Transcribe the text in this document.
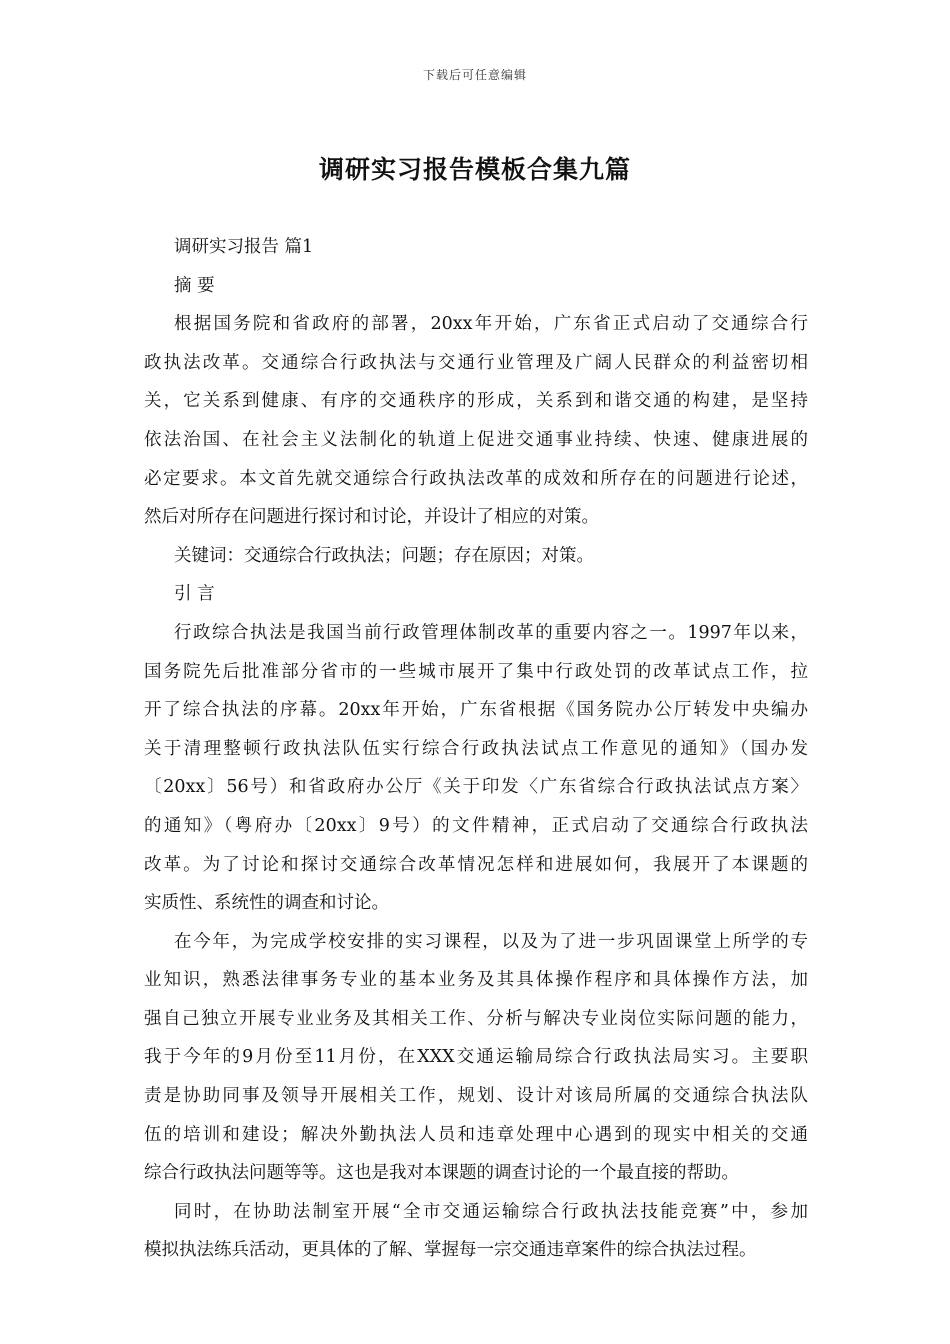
下载后可任意编辑
调研实习报告模板合集九篇
调研实习报告 篇1
摘 要
根据国务院和省政府的部署，20xx年开始，广东省正式启动了交通综合行
政执法改革。交通综合行政执法与交通行业管理及广阔人民群众的利益密切相
关，它关系到健康、有序的交通秩序的形成，关系到和谐交通的构建，是坚持
依法治国、在社会主义法制化的轨道上促进交通事业持续、快速、健康进展的
必定要求。本文首先就交通综合行政执法改革的成效和所存在的问题进行论述，
然后对所存在问题进行探讨和讨论，并设计了相应的对策。
关键词：交通综合行政执法；问题；存在原因；对策。
引 言
行政综合执法是我国当前行政管理体制改革的重要内容之一。1997年以来，
国务院先后批准部分省市的一些城市展开了集中行政处罚的改革试点工作，拉
开了综合执法的序幕。20xx年开始，广东省根据《国务院办公厅转发中央编办
关于清理整顿行政执法队伍实行综合行政执法试点工作意见的通知》（国办发
〔20xx〕56号）和省政府办公厅《关于印发〈广东省综合行政执法试点方案〉
的通知》（粤府办〔20xx〕9号）的文件精神，正式启动了交通综合行政执法
改革。为了讨论和探讨交通综合改革情况怎样和进展如何，我展开了本课题的
实质性、系统性的调查和讨论。
在今年，为完成学校安排的实习课程，以及为了进一步巩固课堂上所学的专
业知识，熟悉法律事务专业的基本业务及其具体操作程序和具体操作方法，加
强自己独立开展专业业务及其相关工作、分析与解决专业岗位实际问题的能力，
我于今年的9月份至11月份，在XXX交通运输局综合行政执法局实习。主要职
责是协助同事及领导开展相关工作，规划、设计对该局所属的交通综合执法队
伍的培训和建设；解决外勤执法人员和违章处理中心遇到的现实中相关的交通
综合行政执法问题等等。这也是我对本课题的调查讨论的一个最直接的帮助。
同时，在协助法制室开展“全市交通运输综合行政执法技能竞赛”中，参加
模拟执法练兵活动，更具体的了解、掌握每一宗交通违章案件的综合执法过程。
